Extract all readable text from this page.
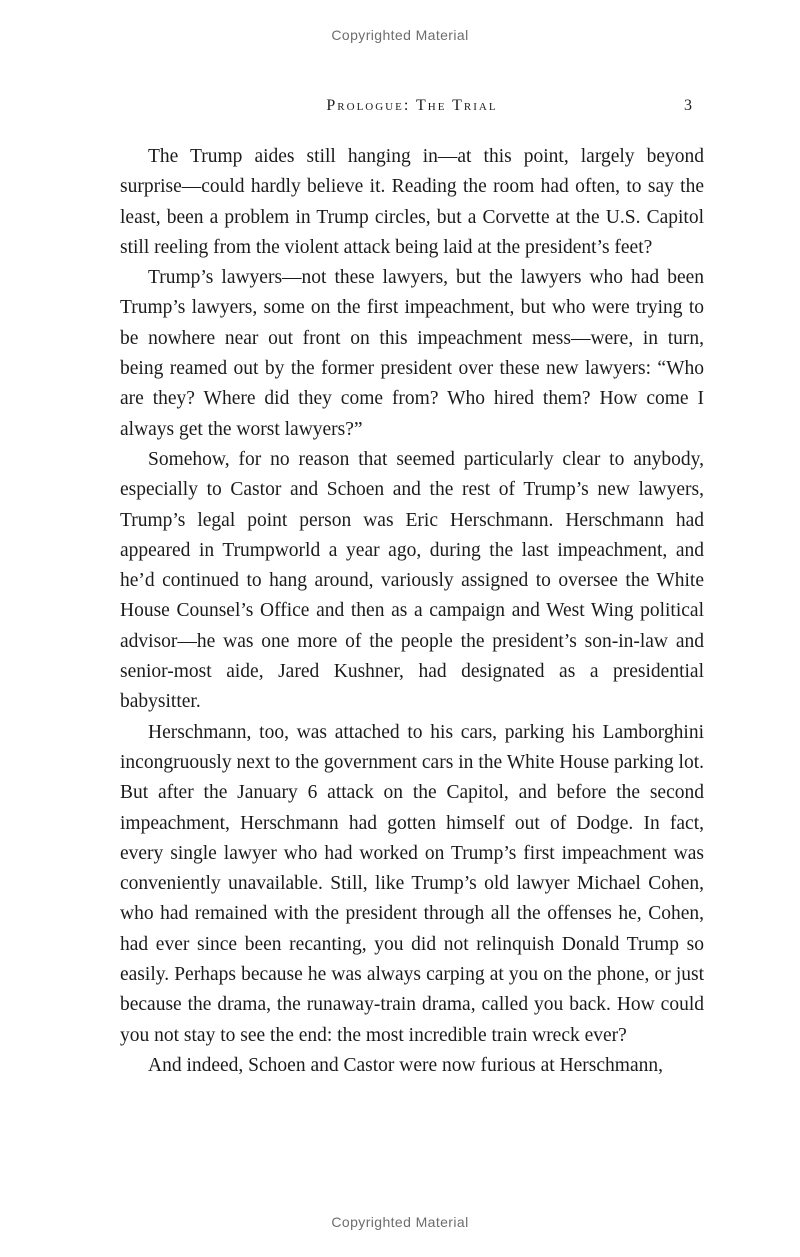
Copyrighted Material
Prologue: The Trial	3

The Trump aides still hanging in—at this point, largely beyond surprise—could hardly believe it. Reading the room had often, to say the least, been a problem in Trump circles, but a Corvette at the U.S. Capitol still reeling from the violent attack being laid at the president’s feet?

Trump’s lawyers—not these lawyers, but the lawyers who had been Trump’s lawyers, some on the first impeachment, but who were trying to be nowhere near out front on this impeachment mess—were, in turn, being reamed out by the former president over these new lawyers: “Who are they? Where did they come from? Who hired them? How come I always get the worst lawyers?”

Somehow, for no reason that seemed particularly clear to anybody, especially to Castor and Schoen and the rest of Trump’s new lawyers, Trump’s legal point person was Eric Herschmann. Herschmann had appeared in Trumpworld a year ago, during the last impeachment, and he’d continued to hang around, variously assigned to oversee the White House Counsel’s Office and then as a campaign and West Wing political advisor—he was one more of the people the president’s son-in-law and senior-most aide, Jared Kushner, had designated as a presidential babysitter.

Herschmann, too, was attached to his cars, parking his Lamborghini incongruously next to the government cars in the White House parking lot. But after the January 6 attack on the Capitol, and before the second impeachment, Herschmann had gotten himself out of Dodge. In fact, every single lawyer who had worked on Trump’s first impeachment was conveniently unavailable. Still, like Trump’s old lawyer Michael Cohen, who had remained with the president through all the offenses he, Cohen, had ever since been recanting, you did not relinquish Donald Trump so easily. Perhaps because he was always carping at you on the phone, or just because the drama, the runaway-train drama, called you back. How could you not stay to see the end: the most incredible train wreck ever?

And indeed, Schoen and Castor were now furious at Herschmann,

Copyrighted Material
